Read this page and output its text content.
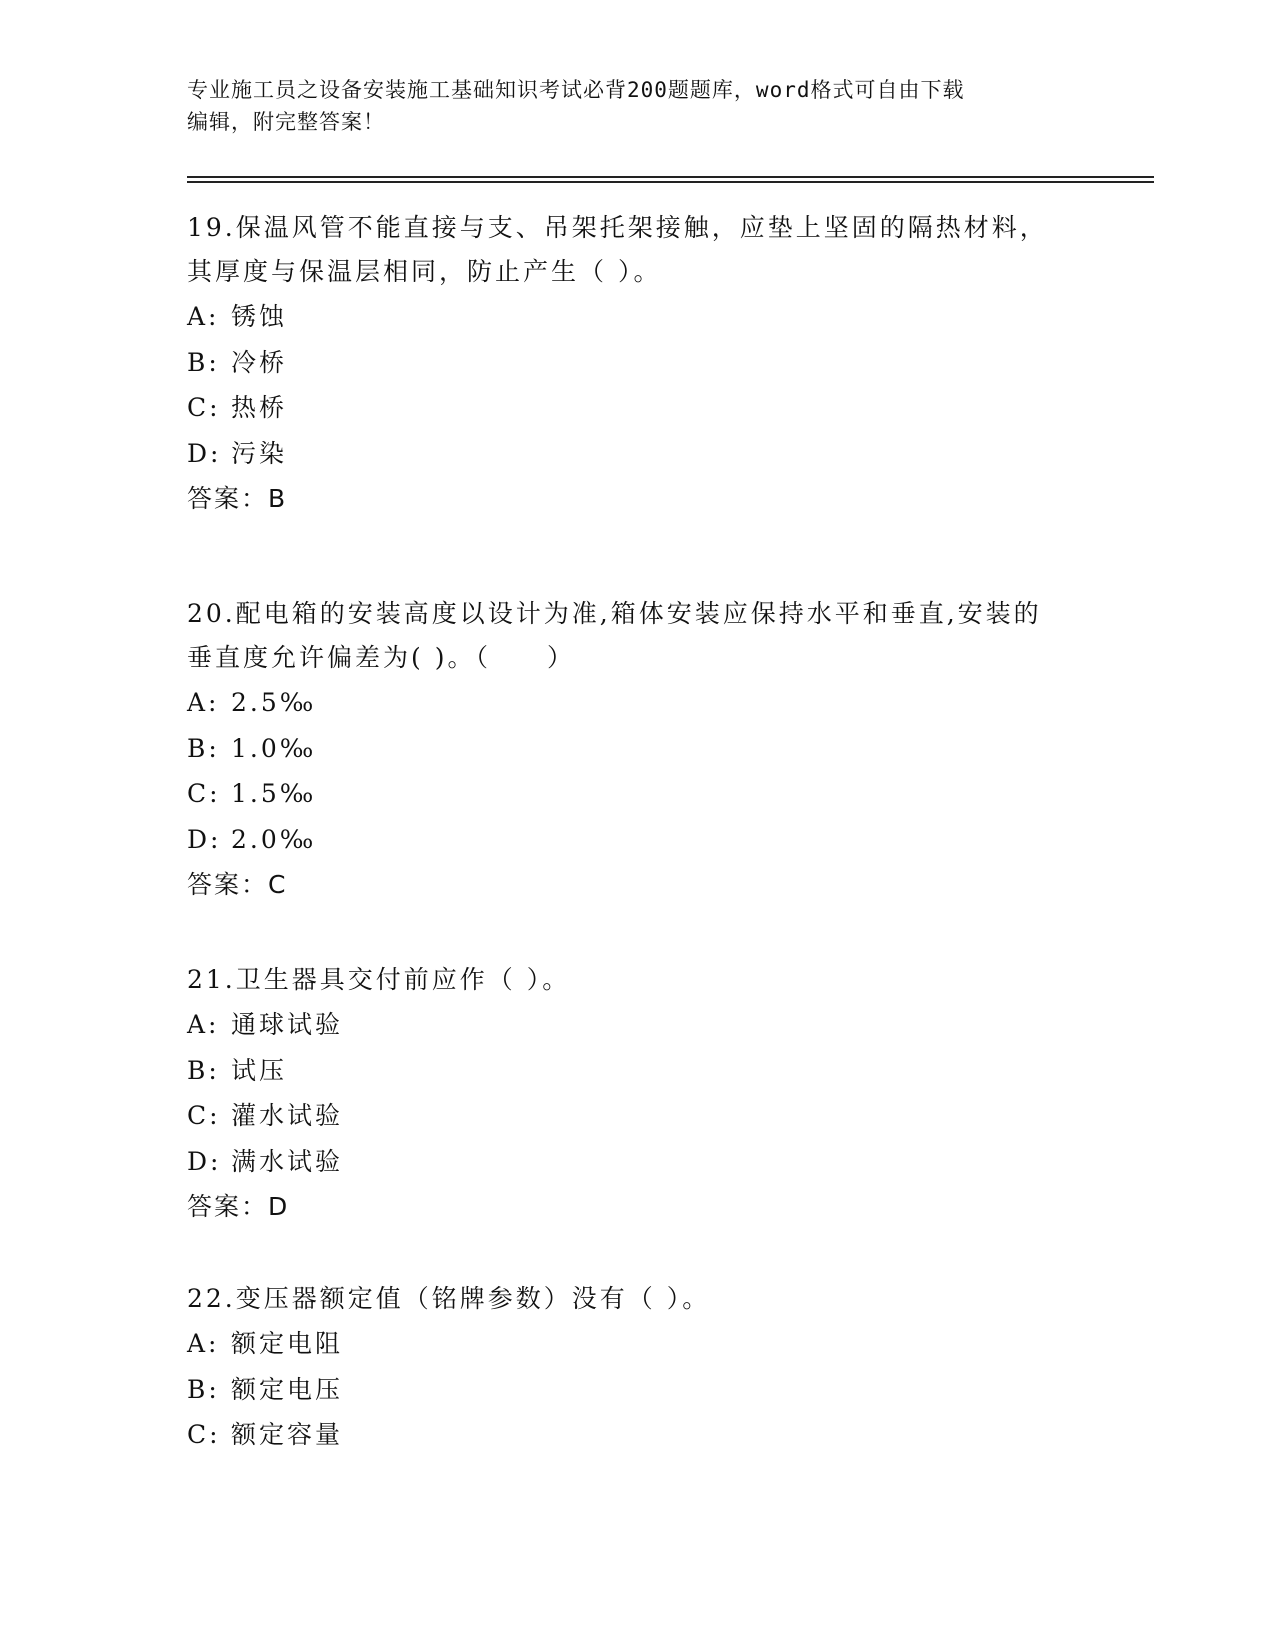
专业施工员之设备安装施工基础知识考试必背200题题库，word格式可自由下载
编辑，附完整答案！

19.保温风管不能直接与支、吊架托架接触，应垫上坚固的隔热材料，

其厚度与保温层相同，防止产生（ ）。

A: 锈蚀

B: 冷桥

C: 热桥

D: 污染

答案：B

20.配电箱的安装高度以设计为准,箱体安装应保持水平和垂直,安装的

垂直度允许偏差为( )。（　　）

A: 2.5‰

B: 1.0‰

C: 1.5‰

D: 2.0‰

答案：C

21.卫生器具交付前应作（ ）。

A: 通球试验

B: 试压

C: 灌水试验

D: 满水试验

答案：D

22.变压器额定值（铭牌参数）没有（ ）。

A: 额定电阻

B: 额定电压

C: 额定容量
